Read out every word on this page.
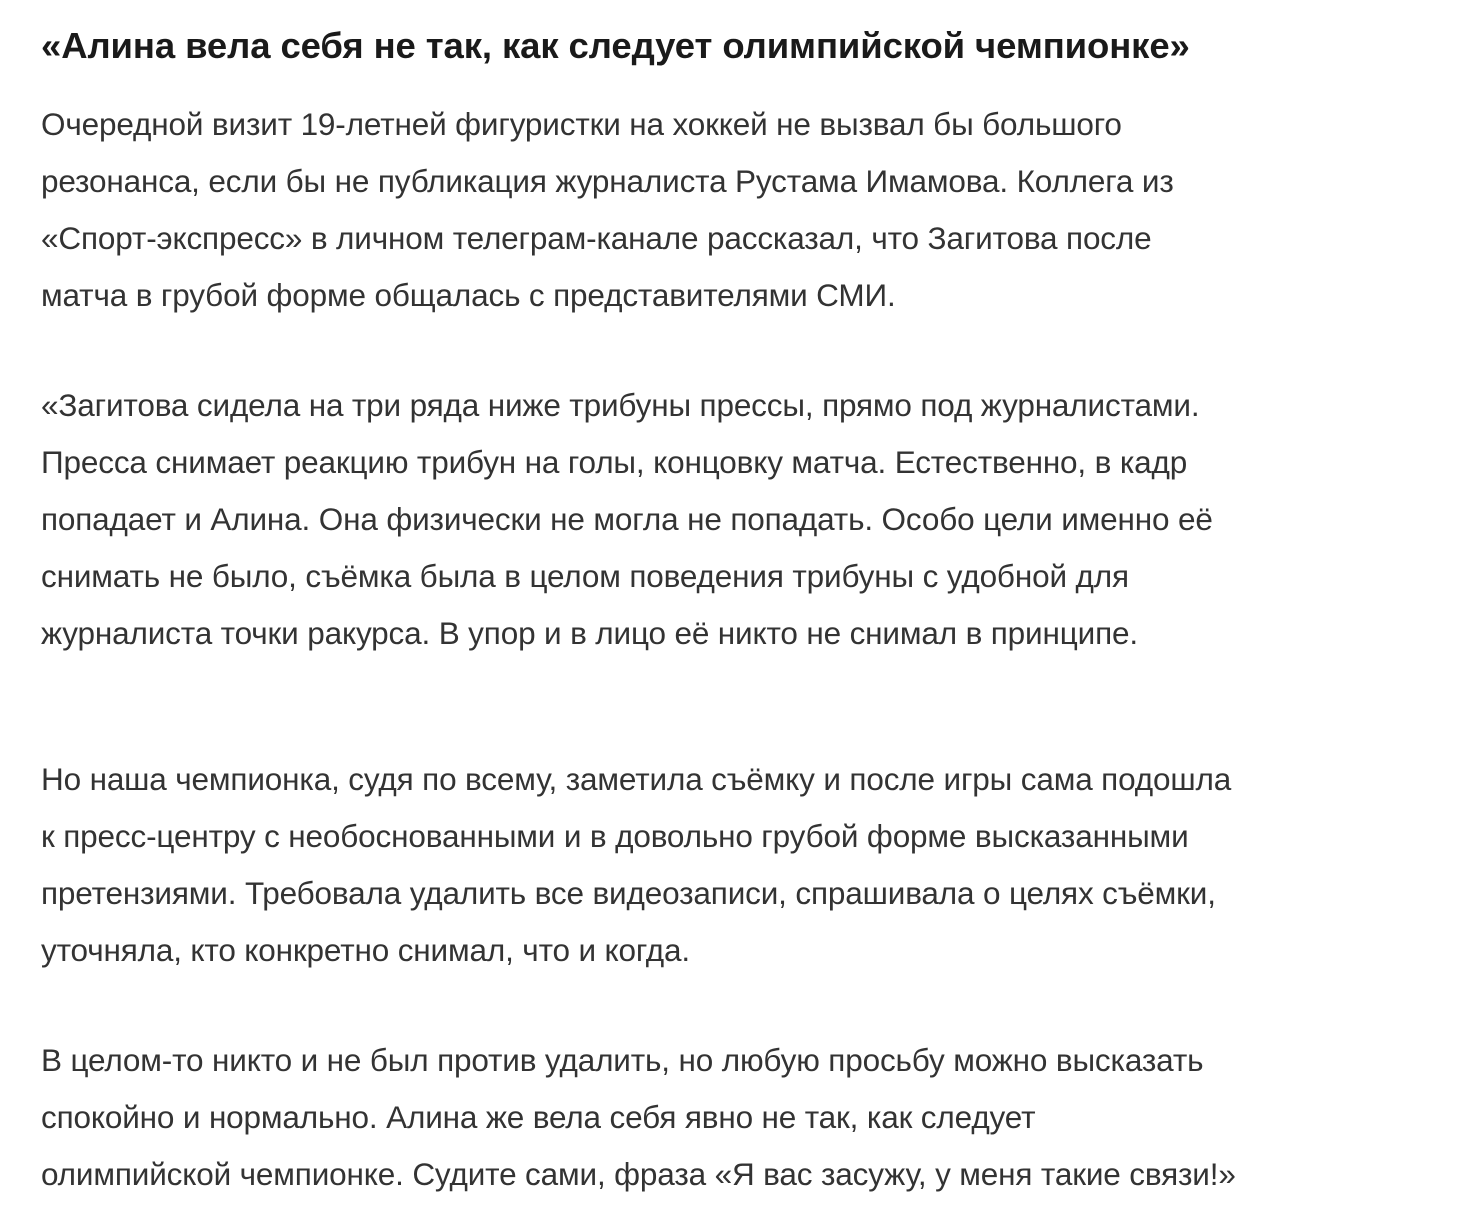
«Алина вела себя не так, как следует олимпийской чемпионке»

Очередной визит 19-летней фигуристки на хоккей не вызвал бы большого
резонанса, если бы не публикация журналиста Рустама Имамова. Коллега из
«Спорт-экспресс» в личном телеграм-канале рассказал, что Загитова после
матча в грубой форме общалась с представителями СМИ.

«Загитова сидела на три ряда ниже трибуны прессы, прямо под журналистами.
Пресса снимает реакцию трибун на голы, концовку матча. Естественно, в кадр
попадает и Алина. Она физически не могла не попадать. Особо цели именно её
снимать не было, съёмка была в целом поведения трибуны с удобной для
журналиста точки ракурса. В упор и в лицо её никто не снимал в принципе.

Но наша чемпионка, судя по всему, заметила съёмку и после игры сама подошла
к пресс-центру с необоснованными и в довольно грубой форме высказанными
претензиями. Требовала удалить все видеозаписи, спрашивала о целях съёмки,
уточняла, кто конкретно снимал, что и когда.

В целом-то никто и не был против удалить, но любую просьбу можно высказать
спокойно и нормально. Алина же вела себя явно не так, как следует
олимпийской чемпионке. Судите сами, фраза «Я вас засужу, у меня такие связи!»
